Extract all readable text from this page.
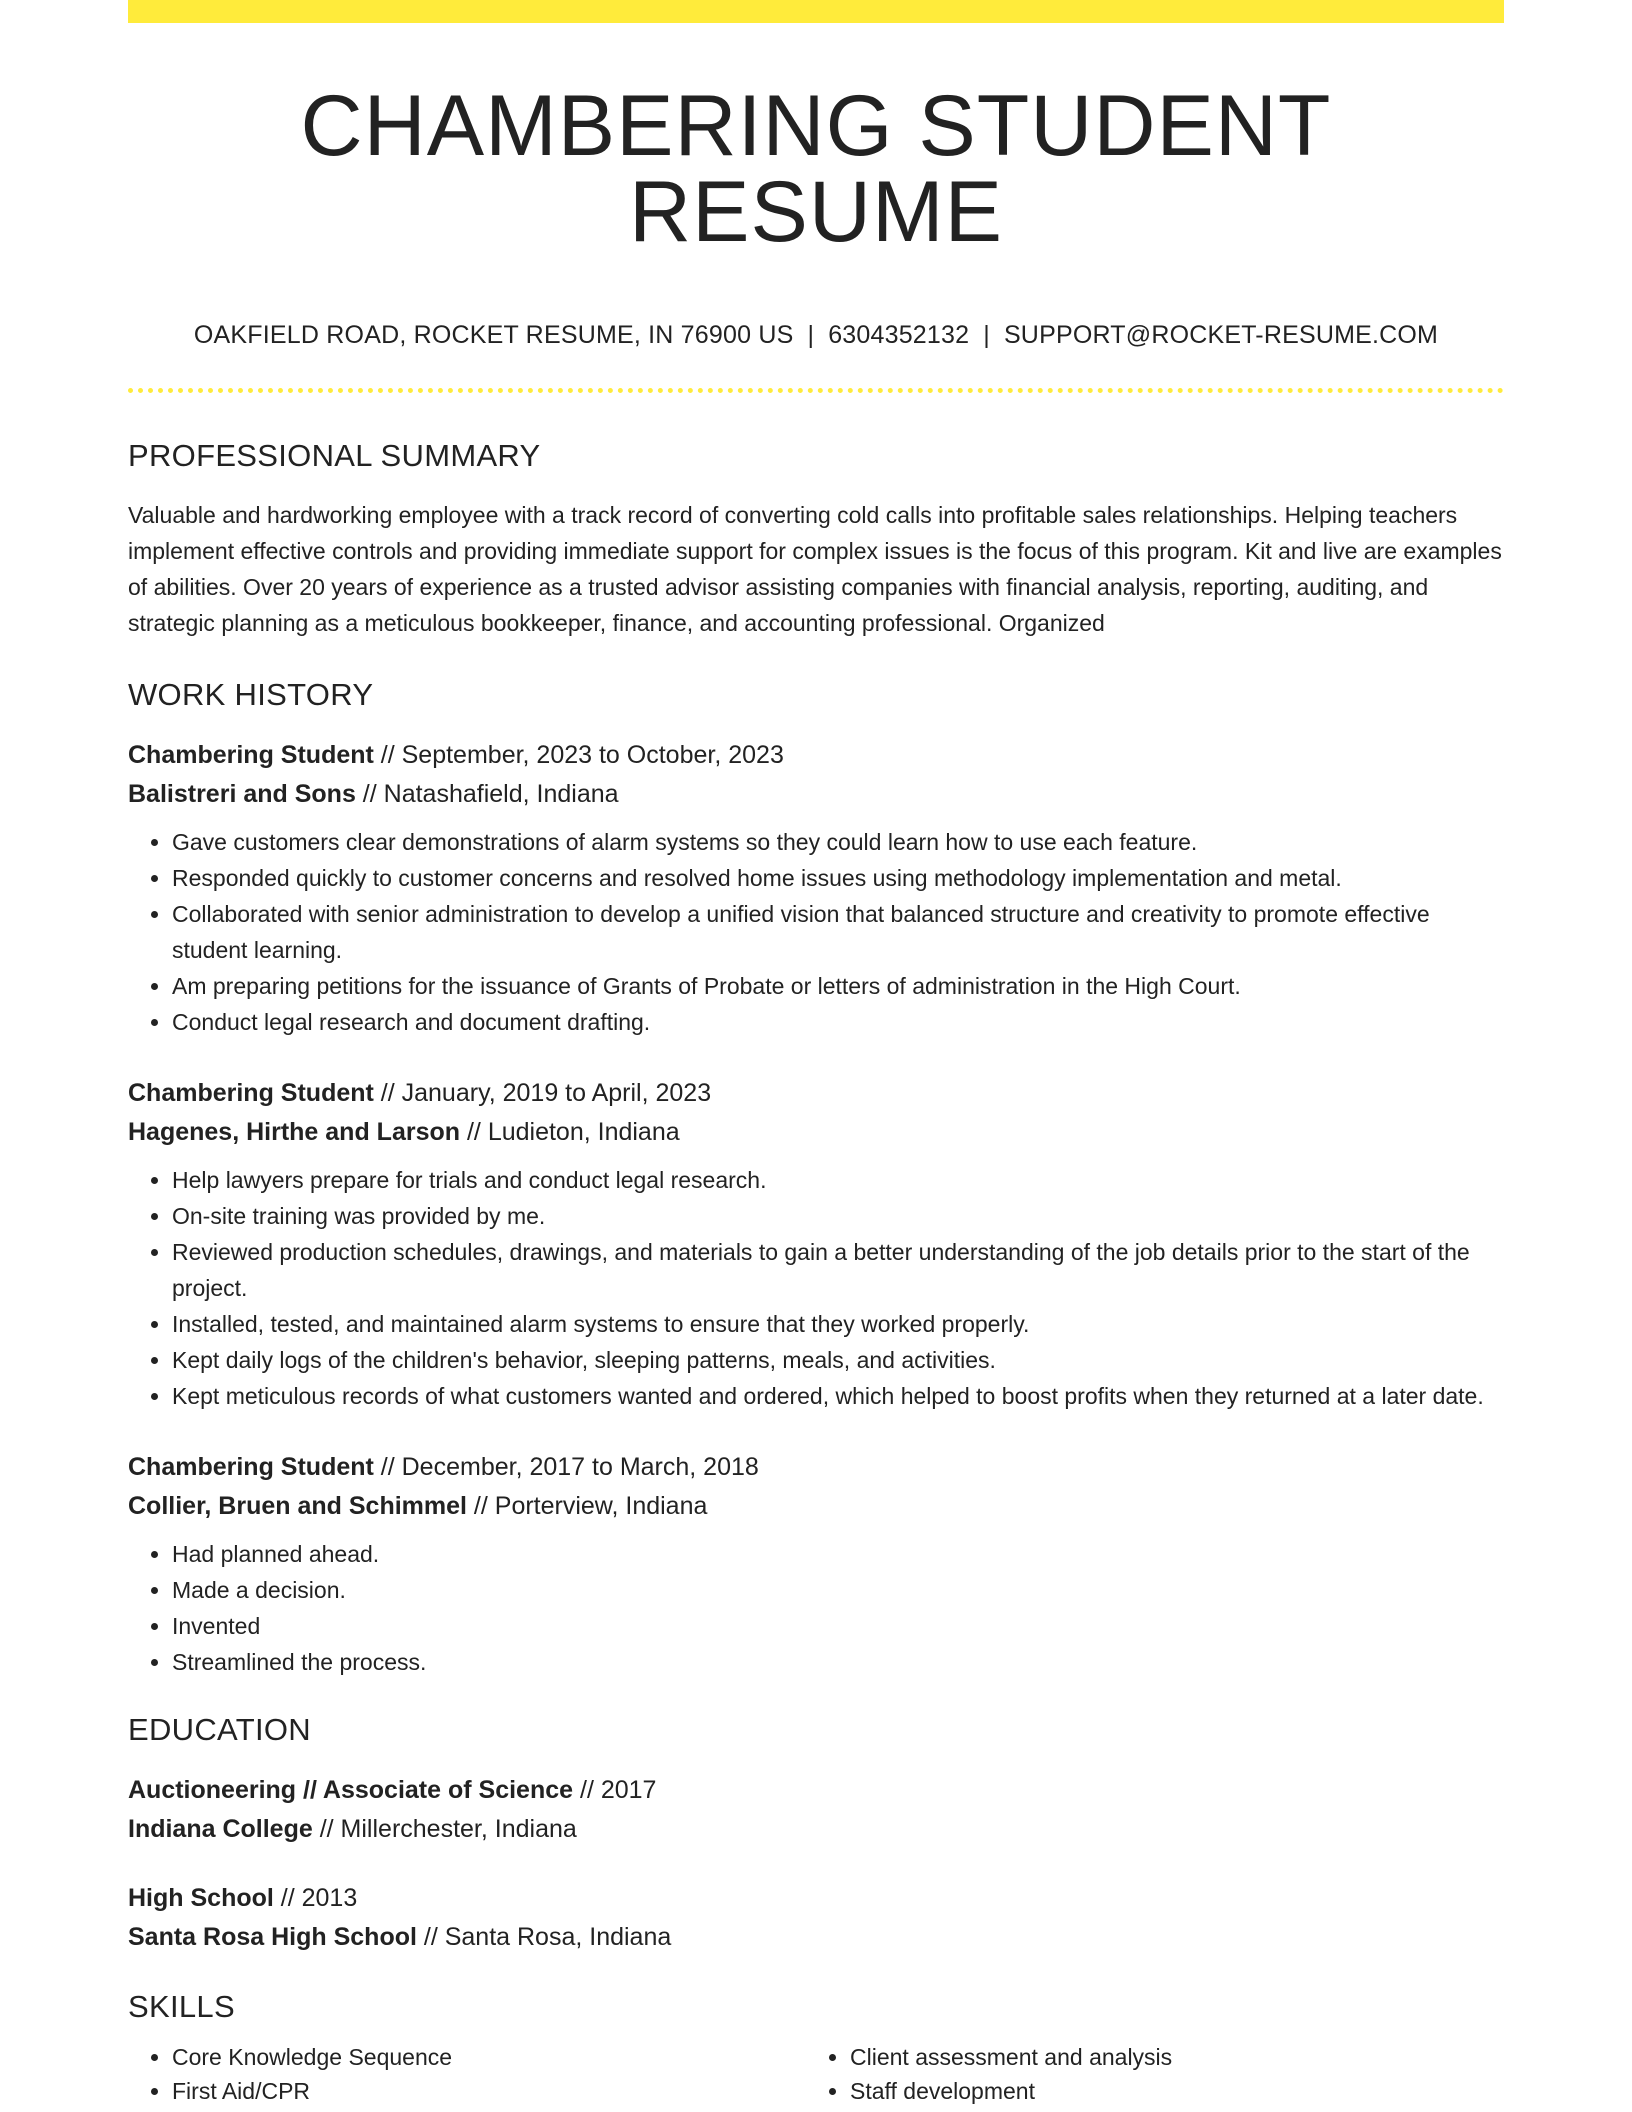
CHAMBERING STUDENT RESUME
OAKFIELD ROAD, ROCKET RESUME, IN 76900 US | 6304352132 | SUPPORT@ROCKET-RESUME.COM
PROFESSIONAL SUMMARY
Valuable and hardworking employee with a track record of converting cold calls into profitable sales relationships. Helping teachers implement effective controls and providing immediate support for complex issues is the focus of this program. Kit and live are examples of abilities. Over 20 years of experience as a trusted advisor assisting companies with financial analysis, reporting, auditing, and strategic planning as a meticulous bookkeeper, finance, and accounting professional. Organized
WORK HISTORY
Chambering Student // September, 2023 to October, 2023
Balistreri and Sons // Natashafield, Indiana
• Gave customers clear demonstrations of alarm systems so they could learn how to use each feature.
• Responded quickly to customer concerns and resolved home issues using methodology implementation and metal.
• Collaborated with senior administration to develop a unified vision that balanced structure and creativity to promote effective student learning.
• Am preparing petitions for the issuance of Grants of Probate or letters of administration in the High Court.
• Conduct legal research and document drafting.
Chambering Student // January, 2019 to April, 2023
Hagenes, Hirthe and Larson // Ludieton, Indiana
• Help lawyers prepare for trials and conduct legal research.
• On-site training was provided by me.
• Reviewed production schedules, drawings, and materials to gain a better understanding of the job details prior to the start of the project.
• Installed, tested, and maintained alarm systems to ensure that they worked properly.
• Kept daily logs of the children's behavior, sleeping patterns, meals, and activities.
• Kept meticulous records of what customers wanted and ordered, which helped to boost profits when they returned at a later date.
Chambering Student // December, 2017 to March, 2018
Collier, Bruen and Schimmel // Porterview, Indiana
• Had planned ahead.
• Made a decision.
• Invented
• Streamlined the process.
EDUCATION
Auctioneering // Associate of Science // 2017
Indiana College // Millerchester, Indiana
High School // 2013
Santa Rosa High School // Santa Rosa, Indiana
SKILLS
• Core Knowledge Sequence
• First Aid/CPR
• Client assessment and analysis
• Staff development
